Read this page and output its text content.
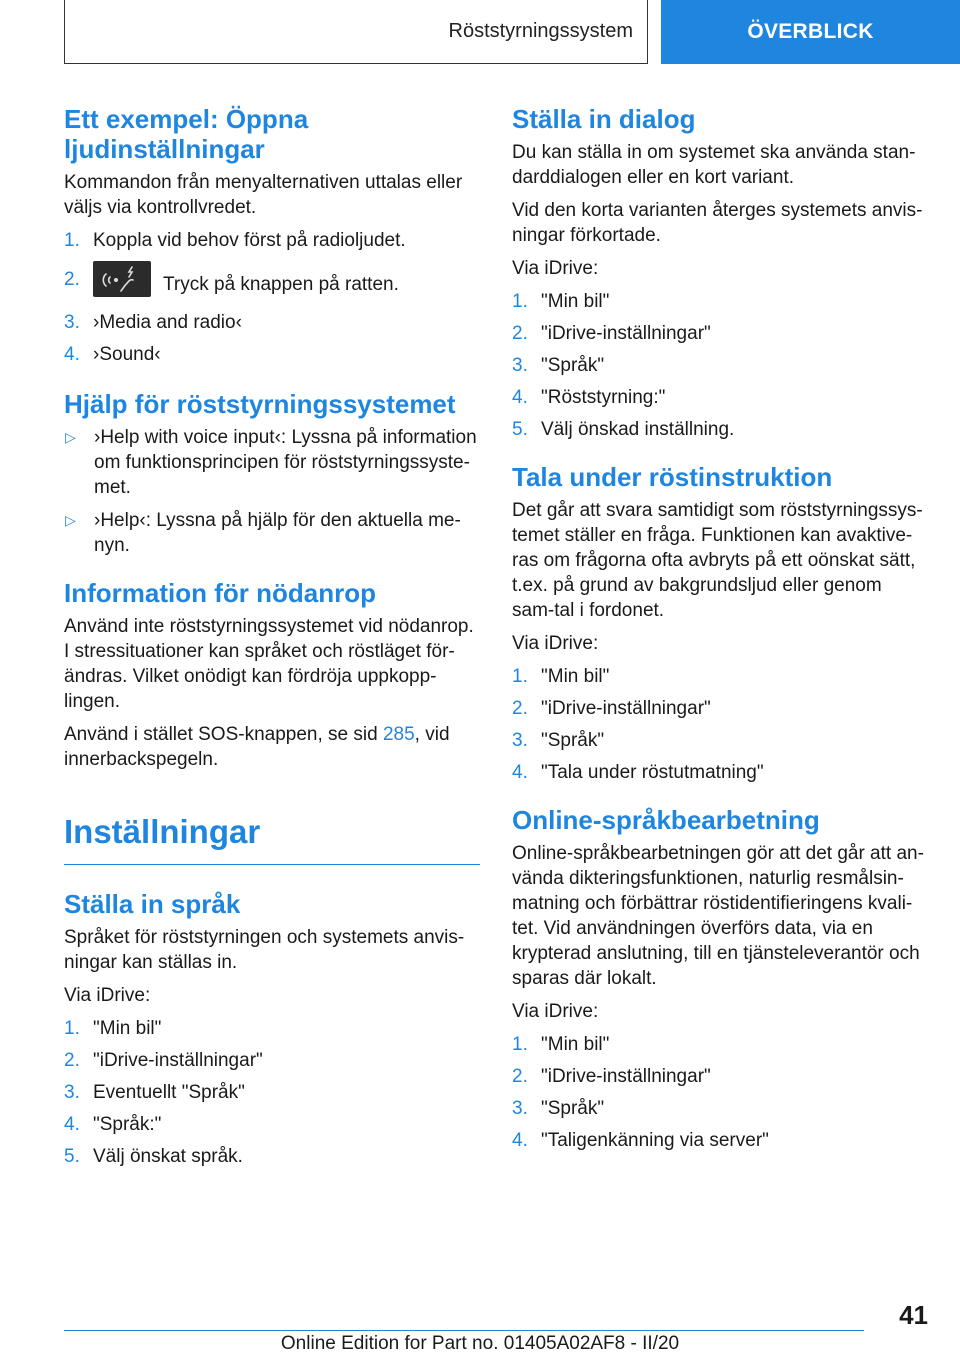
Röststyrningssystem	ÖVERBLICK
Ett exempel: Öppna ljudinställningar

Kommandon från menyalternativen uttalas eller väljs via kontrollvredet.

1. Koppla vid behov först på radioljudet.
2.	Tryck på knappen på ratten.
3. ›Media and radio‹
4. ›Sound‹
Hjälp för röststyrningssystemet
▷ ›Help with voice input‹: Lyssna på information om funktionsprincipen för röststyrningssyste-met.
▷ ›Help‹: Lyssna på hjälp för den aktuella me-nyn.
Information för nödanrop

Använd inte röststyrningssystemet vid nödanrop. I stressituationer kan språket och röstläget för-ändras. Vilket onödigt kan fördröja uppkopp-lingen.

Använd i stället SOS-knappen, se sid 285, vid innerbackspegeln.

Inställningar
Ställa in språk

Språket för röststyrningen och systemets anvis-ningar kan ställas in.

Via iDrive:

1. "Min bil"
2. "iDrive-inställningar"
3. Eventuellt "Språk"
4. "Språk:"
5. Välj önskat språk.
Ställa in dialog

Du kan ställa in om systemet ska använda stan-darddialogen eller en kort variant.

Vid den korta varianten återges systemets anvis-ningar förkortade.

Via iDrive:

1. "Min bil"
2. "iDrive-inställningar"
3. "Språk"
4. "Röststyrning:"
5. Välj önskad inställning.
Tala under röstinstruktion

Det går att svara samtidigt som röststyrningssys-temet ställer en fråga. Funktionen kan avaktive-ras om frågorna ofta avbryts på ett oönskat sätt, t.ex. på grund av bakgrundsljud eller genom sam-tal i fordonet.

Via iDrive:

1. "Min bil"
2. "iDrive-inställningar"
3. "Språk"
4. "Tala under röstutmatning"
Online-språkbearbetning

Online-språkbearbetningen gör att det går att an-vända dikteringsfunktionen, naturlig resmålsin-matning och förbättrar röstidentifieringens kvali-tet. Vid användningen överförs data, via en krypterad anslutning, till en tjänsteleverantör och sparas där lokalt.

Via iDrive:

1. "Min bil"
2. "iDrive-inställningar"
3. "Språk"
4. "Taligenkänning via server"
41
Online Edition for Part no. 01405A02AF8 - II/20
